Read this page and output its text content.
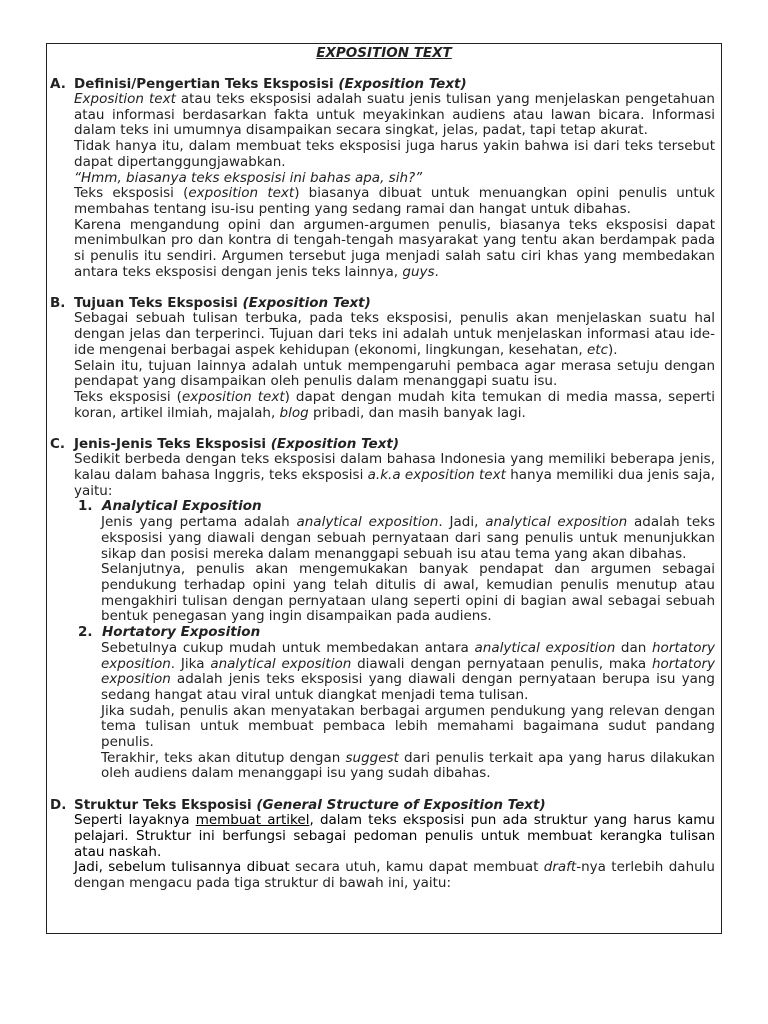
EXPOSITION TEXT
A. Definisi/Pengertian Teks Eksposisi (Exposition Text)
Exposition text atau teks eksposisi adalah suatu jenis tulisan yang menjelaskan pengetahuan atau informasi berdasarkan fakta untuk meyakinkan audiens atau lawan bicara. Informasi dalam teks ini umumnya disampaikan secara singkat, jelas, padat, tapi tetap akurat.
Tidak hanya itu, dalam membuat teks eksposisi juga harus yakin bahwa isi dari teks tersebut dapat dipertanggungjawabkan.
“Hmm, biasanya teks eksposisi ini bahas apa, sih?”
Teks eksposisi (exposition text) biasanya dibuat untuk menuangkan opini penulis untuk membahas tentang isu-isu penting yang sedang ramai dan hangat untuk dibahas.
Karena mengandung opini dan argumen-argumen penulis, biasanya teks eksposisi dapat menimbulkan pro dan kontra di tengah-tengah masyarakat yang tentu akan berdampak pada si penulis itu sendiri. Argumen tersebut juga menjadi salah satu ciri khas yang membedakan antara teks eksposisi dengan jenis teks lainnya, guys.
B. Tujuan Teks Eksposisi (Exposition Text)
Sebagai sebuah tulisan terbuka, pada teks eksposisi, penulis akan menjelaskan suatu hal dengan jelas dan terperinci. Tujuan dari teks ini adalah untuk menjelaskan informasi atau ide-ide mengenai berbagai aspek kehidupan (ekonomi, lingkungan, kesehatan, etc).
Selain itu, tujuan lainnya adalah untuk mempengaruhi pembaca agar merasa setuju dengan pendapat yang disampaikan oleh penulis dalam menanggapi suatu isu.
Teks eksposisi (exposition text) dapat dengan mudah kita temukan di media massa, seperti koran, artikel ilmiah, majalah, blog pribadi, dan masih banyak lagi.
C. Jenis-Jenis Teks Eksposisi (Exposition Text)
Sedikit berbeda dengan teks eksposisi dalam bahasa Indonesia yang memiliki beberapa jenis, kalau dalam bahasa Inggris, teks eksposisi a.k.a exposition text hanya memiliki dua jenis saja, yaitu:
1. Analytical Exposition
Jenis yang pertama adalah analytical exposition. Jadi, analytical exposition adalah teks eksposisi yang diawali dengan sebuah pernyataan dari sang penulis untuk menunjukkan sikap dan posisi mereka dalam menanggapi sebuah isu atau tema yang akan dibahas.
Selanjutnya, penulis akan mengemukakan banyak pendapat dan argumen sebagai pendukung terhadap opini yang telah ditulis di awal, kemudian penulis menutup atau mengakhiri tulisan dengan pernyataan ulang seperti opini di bagian awal sebagai sebuah bentuk penegasan yang ingin disampaikan pada audiens.
2. Hortatory Exposition
Sebetulnya cukup mudah untuk membedakan antara analytical exposition dan hortatory exposition. Jika analytical exposition diawali dengan pernyataan penulis, maka hortatory exposition adalah jenis teks eksposisi yang diawali dengan pernyataan berupa isu yang sedang hangat atau viral untuk diangkat menjadi tema tulisan.
Jika sudah, penulis akan menyatakan berbagai argumen pendukung yang relevan dengan tema tulisan untuk membuat pembaca lebih memahami bagaimana sudut pandang penulis.
Terakhir, teks akan ditutup dengan suggest dari penulis terkait apa yang harus dilakukan oleh audiens dalam menanggapi isu yang sudah dibahas.
D. Struktur Teks Eksposisi (General Structure of Exposition Text)
Seperti layaknya membuat artikel, dalam teks eksposisi pun ada struktur yang harus kamu pelajari. Struktur ini berfungsi sebagai pedoman penulis untuk membuat kerangka tulisan atau naskah.
Jadi, sebelum tulisannya dibuat secara utuh, kamu dapat membuat draft-nya terlebih dahulu dengan mengacu pada tiga struktur di bawah ini, yaitu:
